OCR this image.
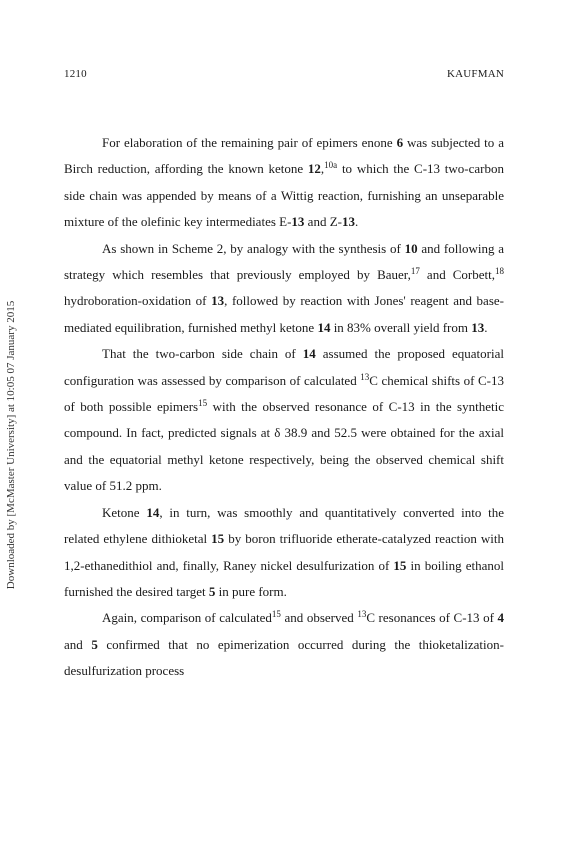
1210	KAUFMAN
Downloaded by [McMaster University] at 10:05 07 January 2015

For elaboration of the remaining pair of epimers enone 6 was subjected to a Birch reduction, affording the known ketone 12,$^{10a}$ to which the C-13 two-carbon side chain was appended by means of a Wittig reaction, furnishing an unseparable mixture of the olefinic key intermediates E-13 and Z-13.

As shown in Scheme 2, by analogy with the synthesis of 10 and following a strategy which resembles that previously employed by Bauer,$^{17}$ and Corbett,$^{18}$ hydroboration-oxidation of 13, followed by reaction with Jones' reagent and base-mediated equilibration, furnished methyl ketone 14 in 83% overall yield from 13.

That the two-carbon side chain of 14 assumed the proposed equatorial configuration was assessed by comparison of calculated $^{13}$C chemical shifts of C-13 of both possible epimers$^{15}$ with the observed resonance of C-13 in the synthetic compound. In fact, predicted signals at δ 38.9 and 52.5 were obtained for the axial and the equatorial methyl ketone respectively, being the observed chemical shift value of 51.2 ppm.

Ketone 14, in turn, was smoothly and quantitatively converted into the related ethylene dithioketal 15 by boron trifluoride etherate-catalyzed reaction with 1,2-ethanedithiol and, finally, Raney nickel desulfurization of 15 in boiling ethanol furnished the desired target 5 in pure form.

Again, comparison of calculated$^{15}$ and observed $^{13}$C resonances of C-13 of 4 and 5 confirmed that no epimerization occurred during the thioketalization-desulfurization process
